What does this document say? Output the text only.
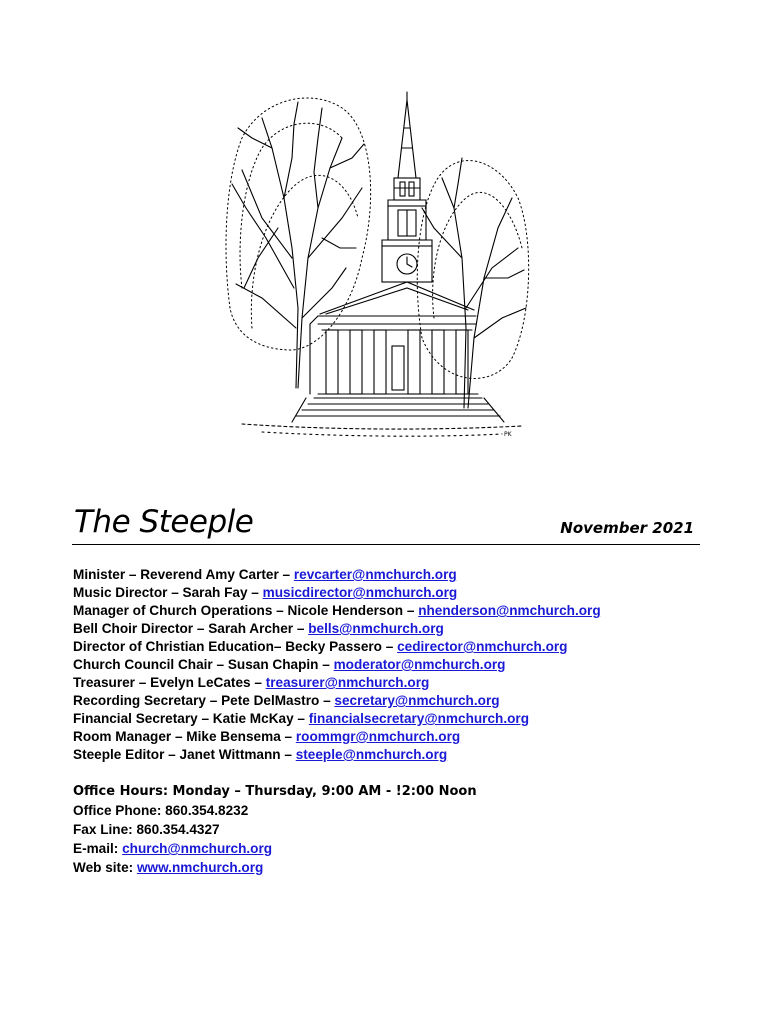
PK
The Steeple	November 2021
Minister – Reverend Amy Carter – revcarter@nmchurch.org
Music Director – Sarah Fay – musicdirector@nmchurch.org
Manager of Church Operations – Nicole Henderson – nhenderson@nmchurch.org
Bell Choir Director – Sarah Archer – bells@nmchurch.org
Director of Christian Education– Becky Passero – cedirector@nmchurch.org
Church Council Chair – Susan Chapin – moderator@nmchurch.org
Treasurer – Evelyn LeCates – treasurer@nmchurch.org
Recording Secretary – Pete DelMastro – secretary@nmchurch.org
Financial Secretary – Katie McKay – financialsecretary@nmchurch.org
Room Manager – Mike Bensema – roommgr@nmchurch.org
Steeple Editor – Janet Wittmann – steeple@nmchurch.org
Office Hours: Monday – Thursday, 9:00 AM - !2:00 Noon
Office Phone: 860.354.8232
Fax Line: 860.354.4327
E-mail: church@nmchurch.org
Web site: www.nmchurch.org
